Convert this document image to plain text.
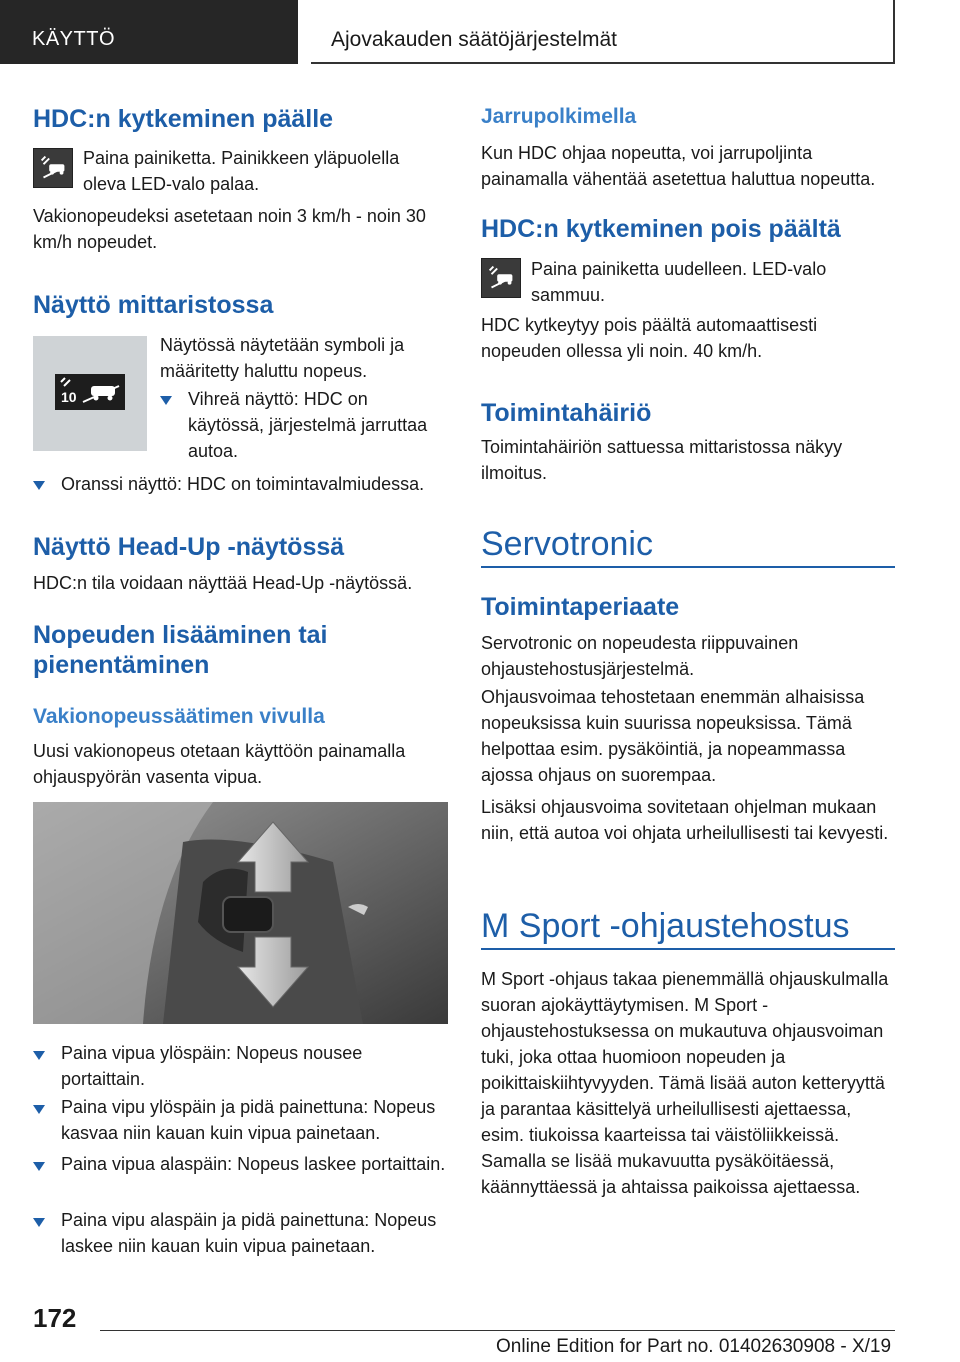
KÄYTTÖ	Ajovakauden säätöjärjestelmät
HDC:n kytkeminen päälle

Paina painiketta. Painikkeen yläpuolella oleva LED-valo palaa.

Vakionopeudeksi asetetaan noin 3 km/h - noin 30 km/h nopeudet.

Näyttö mittaristossa
10

Näytössä näytetään symboli ja määritetty haluttu nopeus.

Vihreä näyttö: HDC on käytössä, järjestelmä jarruttaa autoa.

Oranssi näyttö: HDC on toimintavalmiudessa.

Näyttö Head-Up -näytössä

HDC:n tila voidaan näyttää Head-Up -näytössä.

Nopeuden lisääminen tai pienentäminen
Vakionopeussäätimen vivulla

Uusi vakionopeus otetaan käyttöön painamalla ohjauspyörän vasenta vipua.

Paina vipua ylöspäin: Nopeus nousee portaittain.

Paina vipu ylöspäin ja pidä painettuna: Nopeus kasvaa niin kauan kuin vipua painetaan.

Paina vipua alaspäin: Nopeus laskee portaittain.

Paina vipu alaspäin ja pidä painettuna: Nopeus laskee niin kauan kuin vipua painetaan.

Jarrupolkimella

Kun HDC ohjaa nopeutta, voi jarrupoljinta painamalla vähentää asetettua haluttua nopeutta.

HDC:n kytkeminen pois päältä

Paina painiketta uudelleen. LED-valo sammuu.

HDC kytkeytyy pois päältä automaattisesti nopeuden ollessa yli noin. 40 km/h.

Toimintahäiriö

Toimintahäiriön sattuessa mittaristossa näkyy ilmoitus.

Servotronic
Toimintaperiaate

Servotronic on nopeudesta riippuvainen ohjaustehostusjärjestelmä.

Ohjausvoimaa tehostetaan enemmän alhaisissa nopeuksissa kuin suurissa nopeuksissa. Tämä helpottaa esim. pysäköintiä, ja nopeammassa ajossa ohjaus on suorempaa.

Lisäksi ohjausvoima sovitetaan ohjelman mukaan niin, että autoa voi ohjata urheilullisesti tai kevyesti.

M Sport -ohjaustehostus

M Sport -ohjaus takaa pienemmällä ohjauskulmalla suoran ajokäyttäytymisen. M Sport -ohjaustehostuksessa on mukautuva ohjausvoiman tuki, joka ottaa huomioon nopeuden ja poikittaiskiihtyvyyden. Tämä lisää auton ketteryyttä ja parantaa käsittelyä urheilullisesti ajettaessa, esim. tiukoissa kaarteissa tai väistöliikkeissä. Samalla se lisää mukavuutta pysäköitäessä, käännyttäessä ja ahtaissa paikoissa ajettaessa.

172
Online Edition for Part no. 01402630908 - X/19
